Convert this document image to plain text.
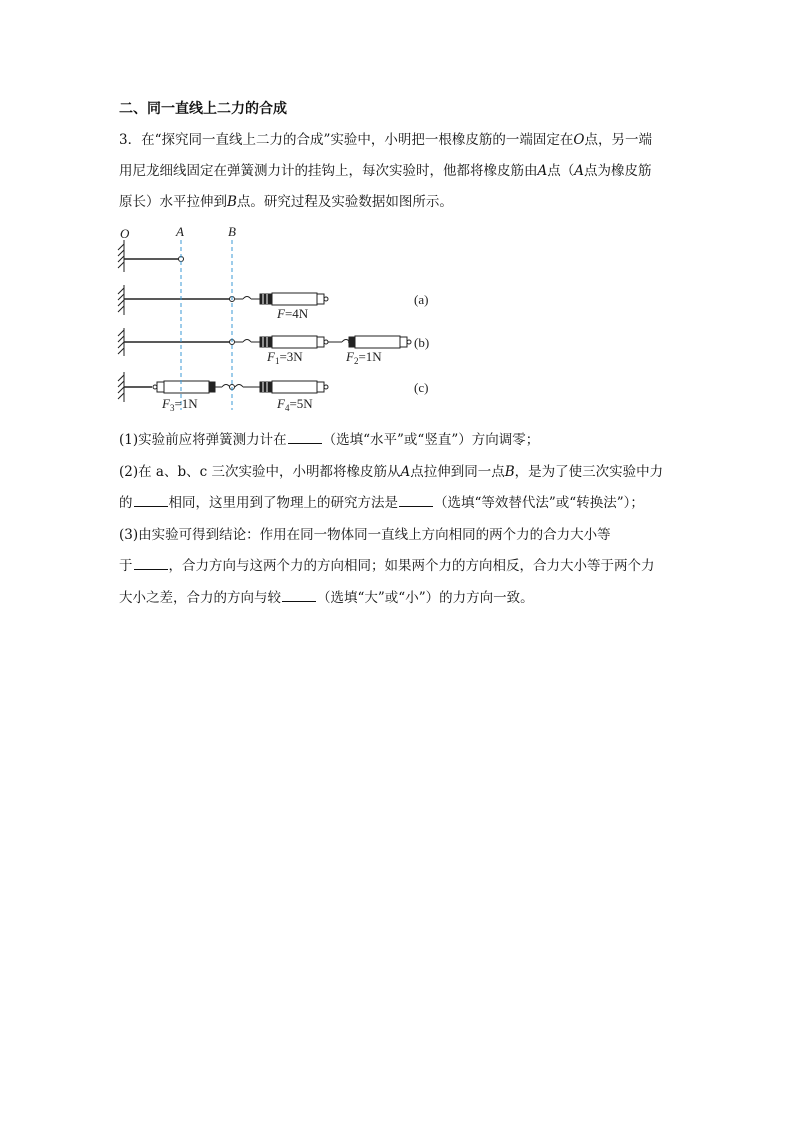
二、同一直线上二力的合成
3．在“探究同一直线上二力的合成”实验中，小明把一根橡皮筋的一端固定在O点，另一端
用尼龙细线固定在弹簧测力计的挂钩上，每次实验时，他都将橡皮筋由A点（A点为橡皮筋
原长）水平拉伸到B点。研究过程及实验数据如图所示。
O	A	B
(a)
(b)
(c)
F=4N
$F_1=3N$	$F_2=1N$
$F_3=1N$	$F_4=5N$
(1)实验前应将弹簧测力计在	（选填“水平”或“竖直”）方向调零；
(2)在 a、b、c 三次实验中，小明都将橡皮筋从A点拉伸到同一点B，是为了使三次实验中力
的	相同，这里用到了物理上的研究方法是	（选填“等效替代法”或“转换法”）；
(3)由实验可得到结论：作用在同一物体同一直线上方向相同的两个力的合力大小等
于	，合力方向与这两个力的方向相同；如果两个力的方向相反，合力大小等于两个力
大小之差，合力的方向与较	（选填“大”或“小”）的力方向一致。
